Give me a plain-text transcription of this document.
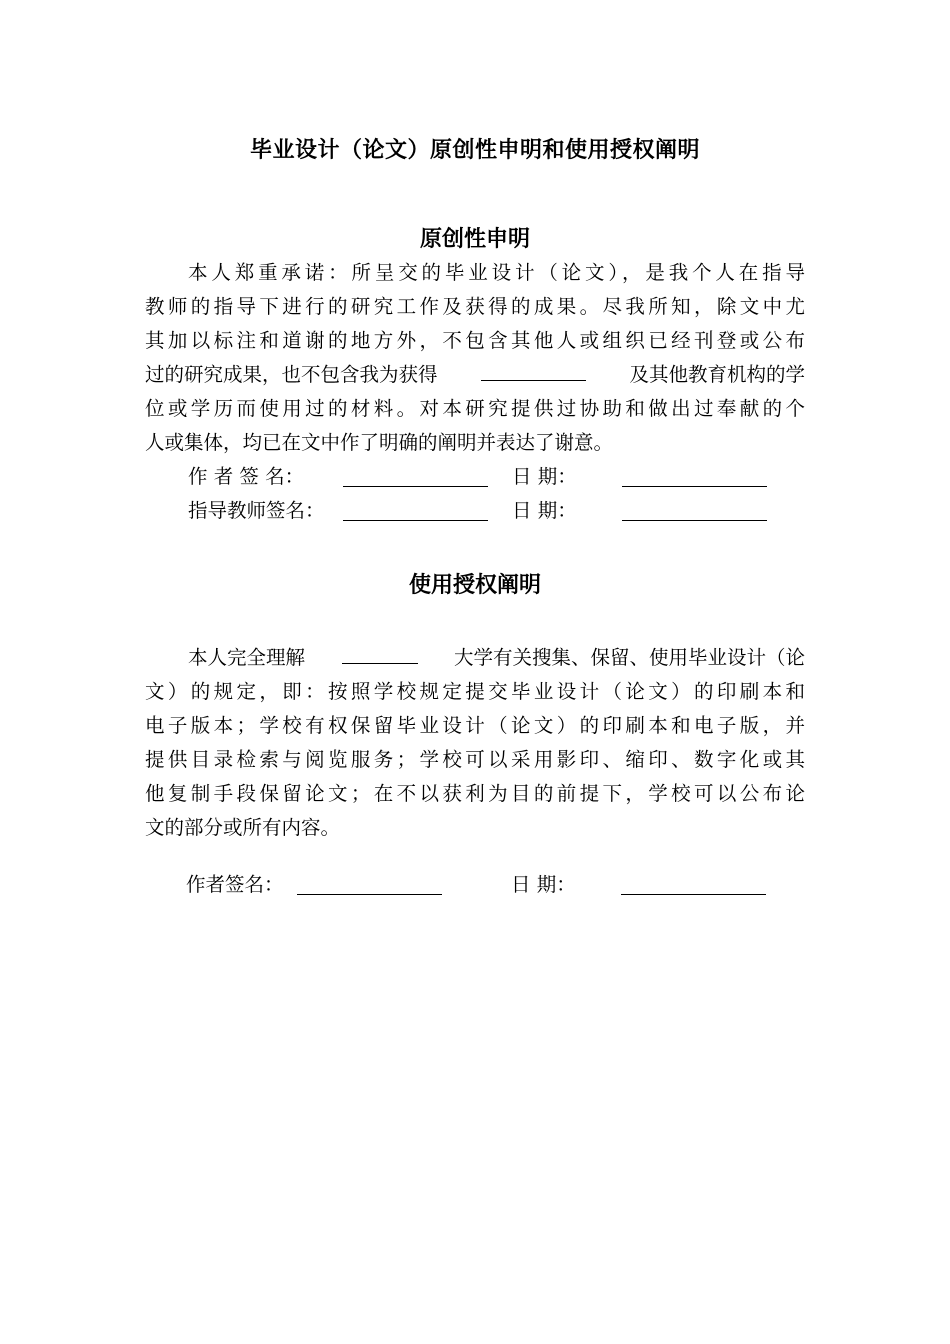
毕业设计（论文）原创性申明和使用授权阐明
原创性申明
本人郑重承诺：所呈交的毕业设计（论文），是我个人在指导
教师的指导下进行的研究工作及获得的成果。尽我所知，除文中尤
其加以标注和道谢的地方外，不包含其他人或组织已经刊登或公布
过的研究成果，也不包含我为获得	及其他教育机构的学
位或学历而使用过的材料。对本研究提供过协助和做出过奉献的个
人或集体，均已在文中作了明确的阐明并表达了谢意。
作 者 签 名：	日 期：
指导教师签名：	日 期：
使用授权阐明
本人完全理解	大学有关搜集、保留、使用毕业设计（论
文）的规定，即：按照学校规定提交毕业设计（论文）的印刷本和
电子版本；学校有权保留毕业设计（论文）的印刷本和电子版，并
提供目录检索与阅览服务；学校可以采用影印、缩印、数字化或其
他复制手段保留论文；在不以获利为目的前提下，学校可以公布论
文的部分或所有内容。
作者签名：	日 期：
